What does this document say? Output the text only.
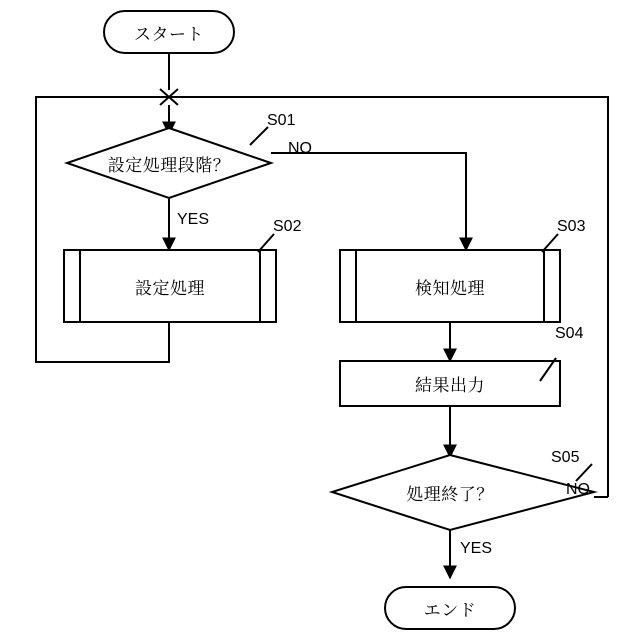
スタート
設定処理段階？
設定処理	検知処理
結果出力
処理終了？
エンド
S01
S02	S03
S04
S05
NO
YES
NO
YES
